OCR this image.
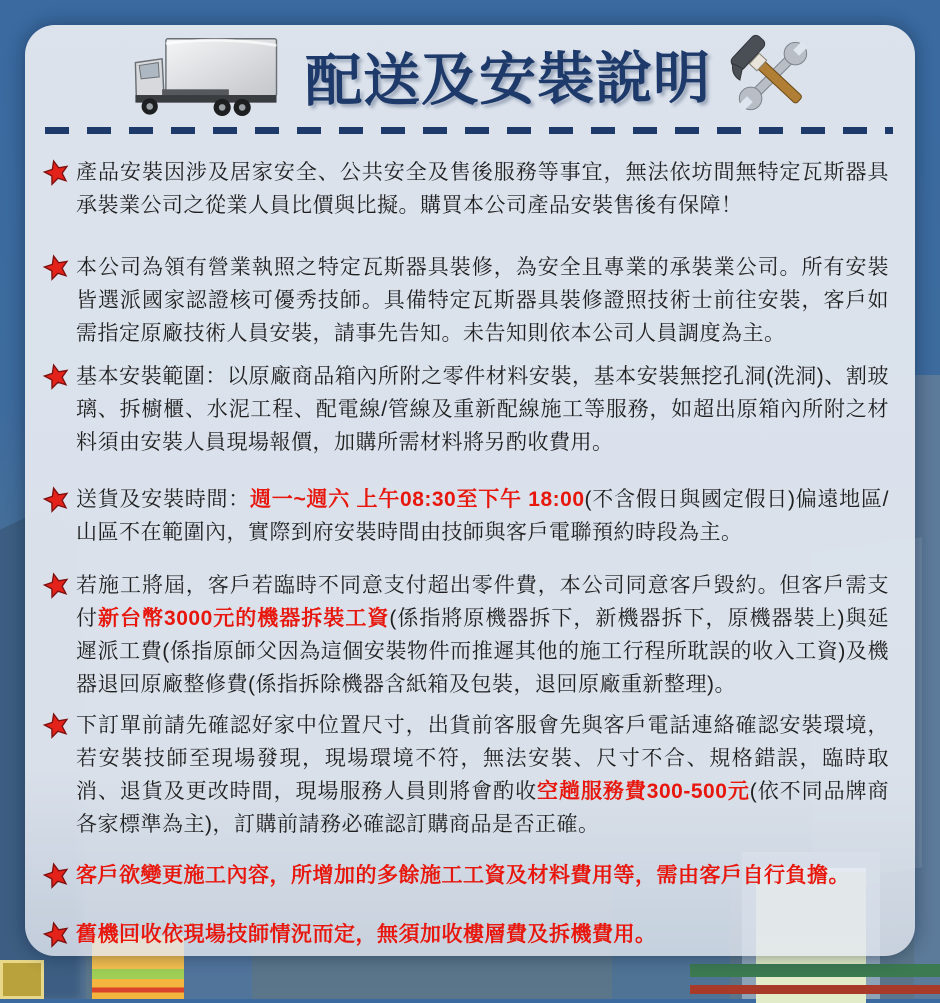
配送及安裝說明

產品安裝因涉及居家安全、公共安全及售後服務等事宜，無法依坊間無特定瓦斯器具承裝業公司之從業人員比價與比擬。購買本公司產品安裝售後有保障！

本公司為領有營業執照之特定瓦斯器具裝修，為安全且專業的承裝業公司。所有安裝皆選派國家認證核可優秀技師。具備特定瓦斯器具裝修證照技術士前往安裝，客戶如需指定原廠技術人員安裝，請事先告知。未告知則依本公司人員調度為主。

基本安裝範圍：以原廠商品箱內所附之零件材料安裝，基本安裝無挖孔洞(洗洞)、割玻璃、拆櫥櫃、水泥工程、配電線/管線及重新配線施工等服務，如超出原箱內所附之材料須由安裝人員現場報價，加購所需材料將另酌收費用。

送貨及安裝時間：週一~週六 上午08:30至下午 18:00(不含假日與國定假日)偏遠地區/山區不在範圍內，實際到府安裝時間由技師與客戶電聯預約時段為主。

若施工將屆，客戶若臨時不同意支付超出零件費，本公司同意客戶毀約。但客戶需支付新台幣3000元的機器拆裝工資(係指將原機器拆下，新機器拆下，原機器裝上)與延遲派工費(係指原師父因為這個安裝物件而推遲其他的施工行程所耽誤的收入工資)及機器退回原廠整修費(係指拆除機器含紙箱及包裝，退回原廠重新整理)。

下訂單前請先確認好家中位置尺寸，出貨前客服會先與客戶電話連絡確認安裝環境，若安裝技師至現場發現，現場環境不符，無法安裝、尺寸不合、規格錯誤，臨時取消、退貨及更改時間，現場服務人員則將會酌收空趟服務費300-500元(依不同品牌商各家標準為主)，訂購前請務必確認訂購商品是否正確。

客戶欲變更施工內容，所增加的多餘施工工資及材料費用等，需由客戶自行負擔。

舊機回收依現場技師情況而定，無須加收樓層費及拆機費用。
